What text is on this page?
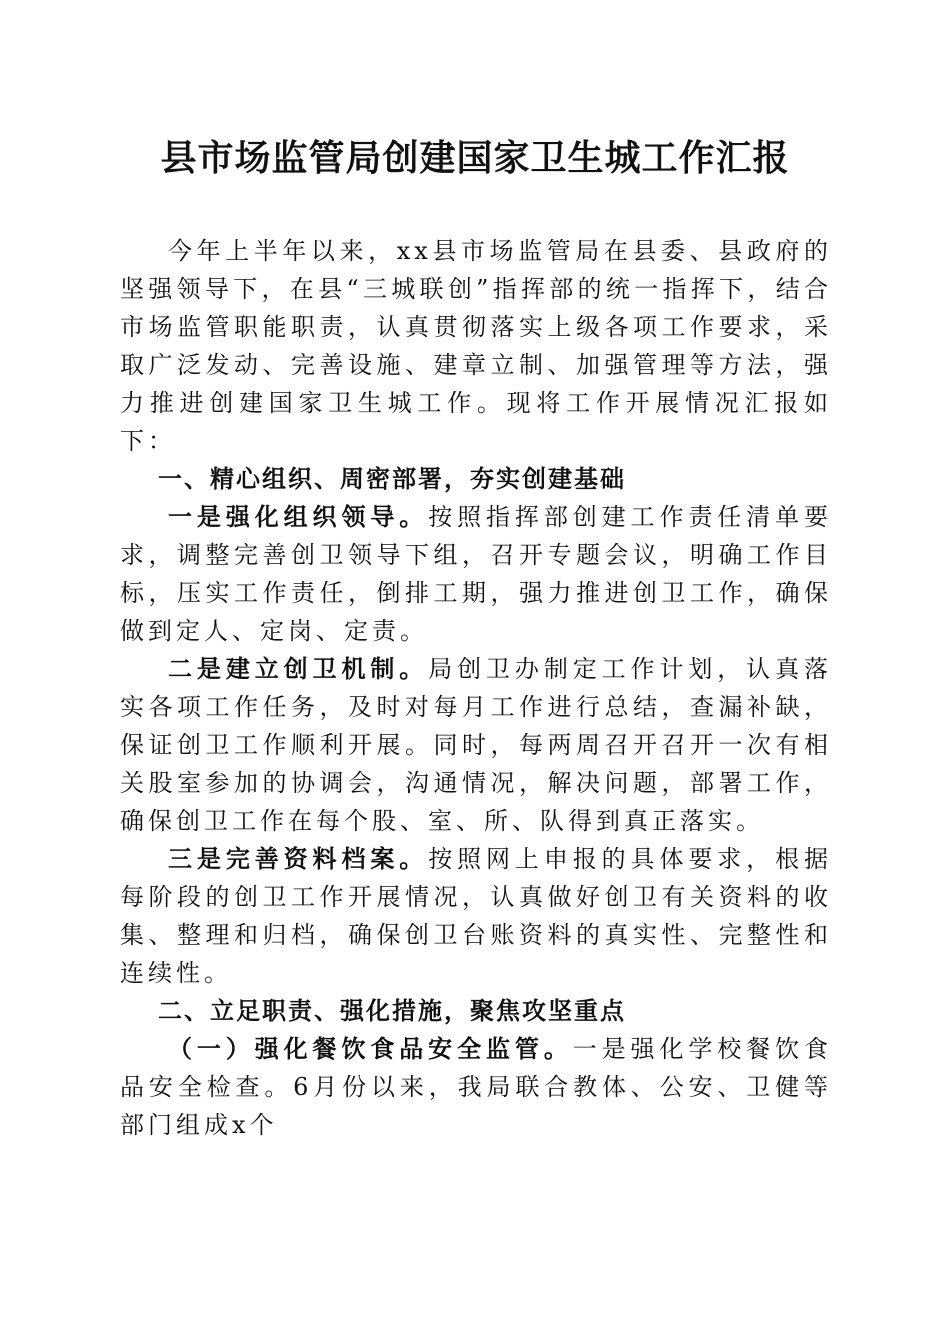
县市场监管局创建国家卫生城工作汇报

今年上半年以来，xx县市场监管局在县委、县政府的坚强领导下，在县“三城联创”指挥部的统一指挥下，结合市场监管职能职责，认真贯彻落实上级各项工作要求，采取广泛发动、完善设施、建章立制、加强管理等方法，强力推进创建国家卫生城工作。现将工作开展情况汇报如下：

一、精心组织、周密部署，夯实创建基础

一是强化组织领导。按照指挥部创建工作责任清单要求，调整完善创卫领导下组，召开专题会议，明确工作目标，压实工作责任，倒排工期，强力推进创卫工作，确保做到定人、定岗、定责。

二是建立创卫机制。局创卫办制定工作计划，认真落实各项工作任务，及时对每月工作进行总结，查漏补缺，保证创卫工作顺利开展。同时，每两周召开召开一次有相关股室参加的协调会，沟通情况，解决问题，部署工作，确保创卫工作在每个股、室、所、队得到真正落实。

三是完善资料档案。按照网上申报的具体要求，根据每阶段的创卫工作开展情况，认真做好创卫有关资料的收集、整理和归档，确保创卫台账资料的真实性、完整性和连续性。

二、立足职责、强化措施，聚焦攻坚重点

（一）强化餐饮食品安全监管。一是强化学校餐饮食品安全检查。6月份以来，我局联合教体、公安、卫健等部门组成x个
